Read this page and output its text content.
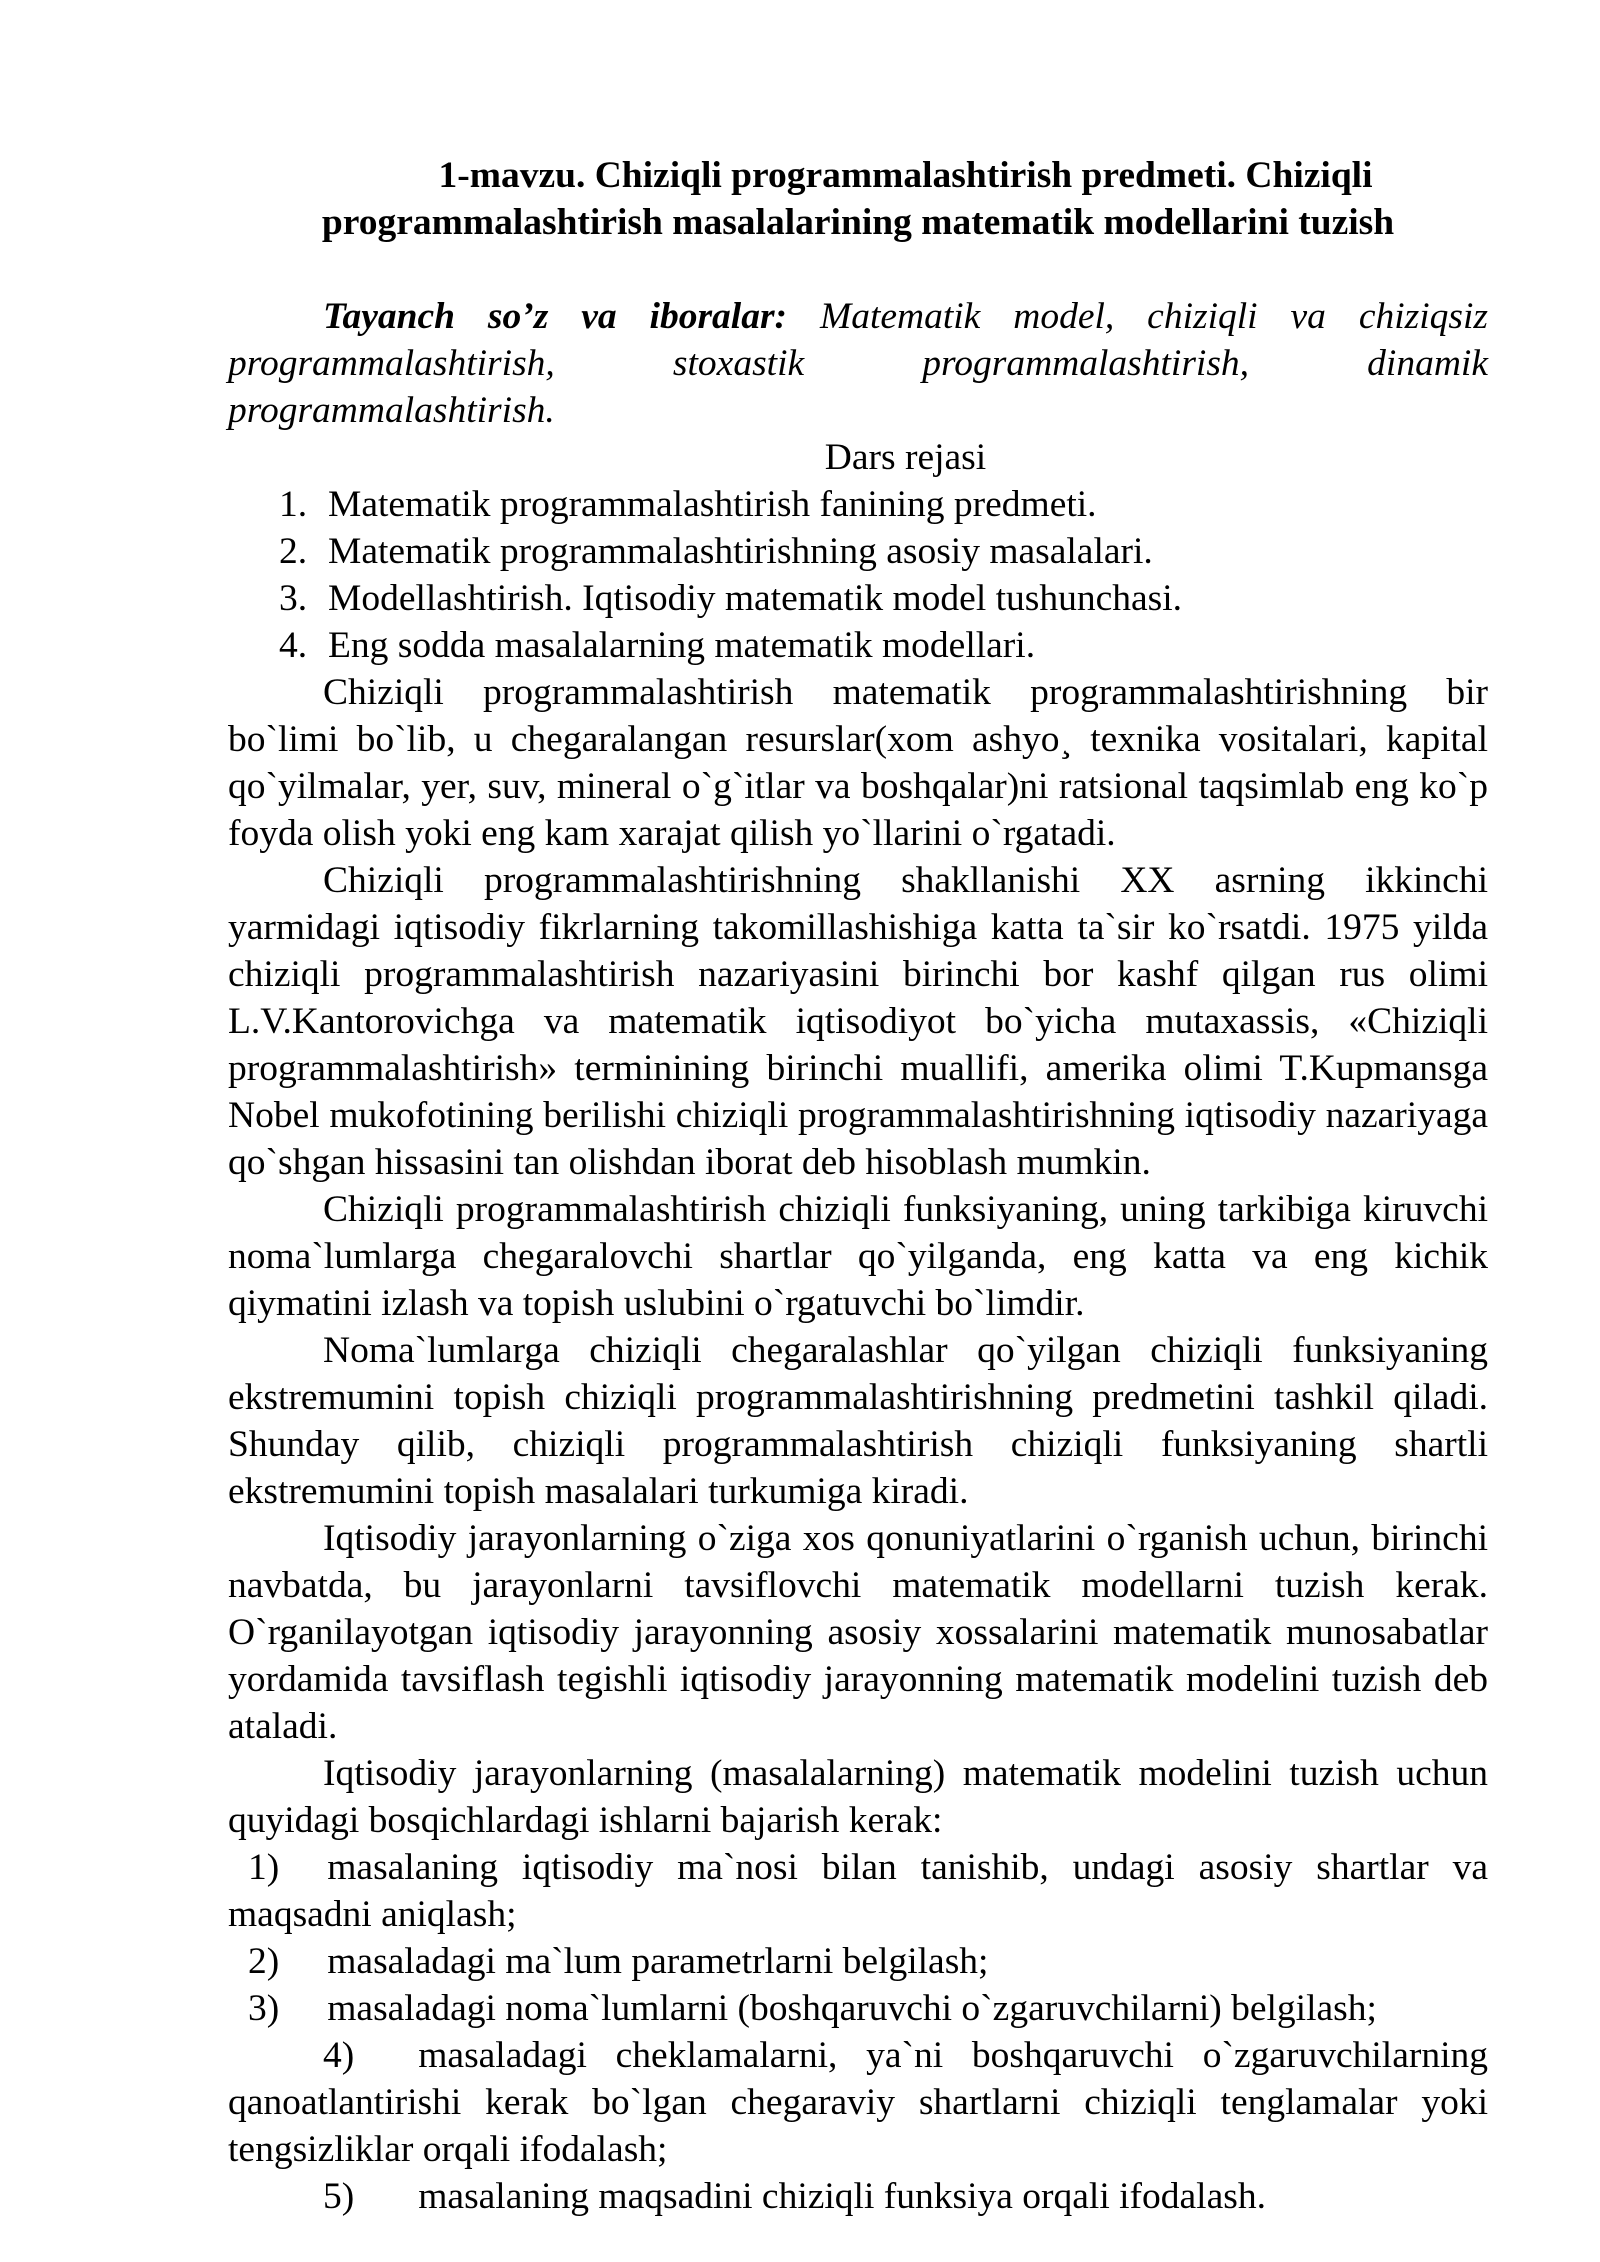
1-mavzu. Chiziqli programmalashtirish predmeti. Chiziqli programmalashtirish masalalarining matematik modellarini tuzish

Tayanch so’z va iboralar: Matematik model, chiziqli va chiziqsiz programmalashtirish, stoxastik programmalashtirish, dinamik programmalashtirish.

Dars rejasi

1. Matematik programmalashtirish fanining predmeti.
2. Matematik programmalashtirishning asosiy masalalari.
3. Modellashtirish. Iqtisodiy matematik model tushunchasi.
4. Eng sodda masalalarning matematik modellari.

Chiziqli programmalashtirish matematik programmalashtirishning bir bo`limi bo`lib, u chegaralangan resurslar(xom ashyo¸ texnika vositalari, kapital qo`yilmalar, yer, suv, mineral o`g`itlar va boshqalar)ni ratsional taqsimlab eng ko`p foyda olish yoki eng kam xarajat qilish yo`llarini o`rgatadi.

Chiziqli programmalashtirishning shakllanishi XX asrning ikkinchi yarmidagi iqtisodiy fikrlarning takomillashishiga katta ta`sir ko`rsatdi. 1975 yilda chiziqli programmalashtirish nazariyasini birinchi bor kashf qilgan rus olimi L.V.Kantorovichga va matematik iqtisodiyot bo`yicha mutaxassis, «Chiziqli programmalashtirish» terminining birinchi muallifi, amerika olimi T.Kupmansga Nobel mukofotining berilishi chiziqli programmalashtirishning iqtisodiy nazariyaga qo`shgan hissasini tan olishdan iborat deb hisoblash mumkin.

Chiziqli programmalashtirish chiziqli funksiyaning, uning tarkibiga kiruvchi noma`lumlarga chegaralovchi shartlar qo`yilganda, eng katta va eng kichik qiymatini izlash va topish uslubini o`rgatuvchi bo`limdir.

Noma`lumlarga chiziqli chegaralashlar qo`yilgan chiziqli funksiyaning ekstremumini topish chiziqli programmalashtirishning predmetini tashkil qiladi. Shunday qilib, chiziqli programmalashtirish chiziqli funksiyaning shartli ekstremumini topish masalalari turkumiga kiradi.

Iqtisodiy jarayonlarning o`ziga xos qonuniyatlarini o`rganish uchun, birinchi navbatda, bu jarayonlarni tavsiflovchi matematik modellarni tuzish kerak. O`rganilayotgan iqtisodiy jarayonning asosiy xossalarini matematik munosabatlar yordamida tavsiflash tegishli iqtisodiy jarayonning matematik modelini tuzish deb ataladi.

Iqtisodiy jarayonlarning (masalalarning) matematik modelini tuzish uchun quyidagi bosqichlardagi ishlarni bajarish kerak:

1) masalaning iqtisodiy ma`nosi bilan tanishib, undagi asosiy shartlar va maqsadni aniqlash;

2) masaladagi ma`lum parametrlarni belgilash;

3) masaladagi noma`lumlarni (boshqaruvchi o`zgaruvchilarni) belgilash;

4) masaladagi cheklamalarni, ya`ni boshqaruvchi o`zgaruvchilarning qanoatlantirishi kerak bo`lgan chegaraviy shartlarni chiziqli tenglamalar yoki tengsizliklar orqali ifodalash;

5) masalaning maqsadini chiziqli funksiya orqali ifodalash.
